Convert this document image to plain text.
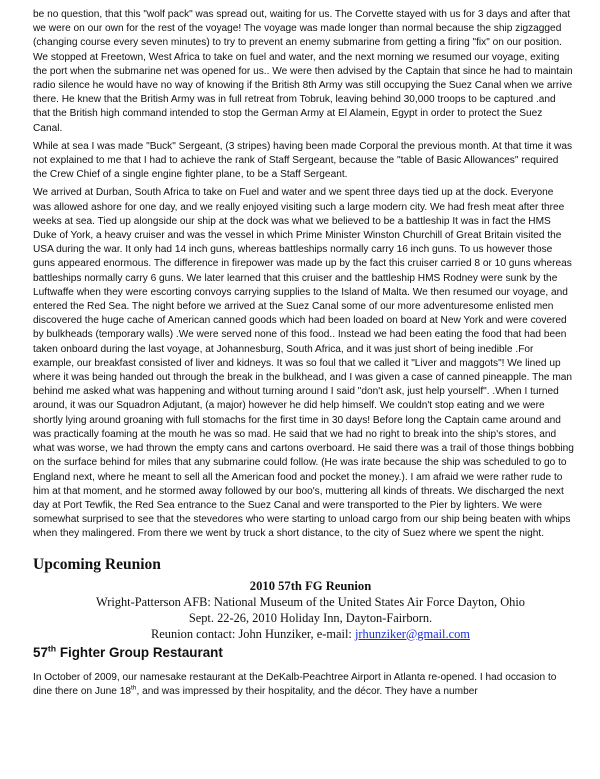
be no question, that this "wolf pack" was spread out, waiting for us. The Corvette stayed with us for 3 days and after that we were on our own for the rest of the voyage! The voyage was made longer than normal because the ship zigzagged (changing course every seven minutes) to try to prevent an enemy submarine from getting a firing "fix" on our position. We stopped at Freetown, West Africa to take on fuel and water, and the next morning we resumed our voyage, exiting the port when the submarine net was opened for us.. We were then advised by the Captain that since he had to maintain radio silence he would have no way of knowing if the British 8th Army was still occupying the Suez Canal when we arrive there. He knew that the British Army was in full retreat from Tobruk, leaving behind 30,000 troops to be captured .and that the British high command intended to stop the German Army at El Alamein, Egypt in order to protect the Suez Canal.

While at sea I was made "Buck" Sergeant, (3 stripes) having been made Corporal the previous month. At that time it was not explained to me that I had to achieve the rank of Staff Sergeant, because the "table of Basic Allowances" required the Crew Chief of a single engine fighter plane, to be a Staff Sergeant.

We arrived at Durban, South Africa to take on Fuel and water and we spent three days tied up at the dock. Everyone was allowed ashore for one day, and we really enjoyed visiting such a large modern city. We had fresh meat after three weeks at sea. Tied up alongside our ship at the dock was what we believed to be a battleship It was in fact the HMS Duke of York, a heavy cruiser and was the vessel in which Prime Minister Winston Churchill of Great Britain visited the USA during the war. It only had 14 inch guns, whereas battleships normally carry 16 inch guns. To us however those guns appeared enormous. The difference in firepower was made up by the fact this cruiser carried 8 or 10 guns whereas battleships normally carry 6 guns. We later learned that this cruiser and the battleship HMS Rodney were sunk by the Luftwaffe when they were escorting convoys carrying supplies to the Island of Malta. We then resumed our voyage, and entered the Red Sea. The night before we arrived at the Suez Canal some of our more adventuresome enlisted men discovered the huge cache of American canned goods which had been loaded on board at New York and were covered by bulkheads (temporary walls) .We were served none of this food.. Instead we had been eating the food that had been taken onboard during the last voyage, at Johannesburg, South Africa, and it was just short of being inedible .For example, our breakfast consisted of liver and kidneys. It was so foul that we called it "Liver and maggots"! We lined up where it was being handed out through the break in the bulkhead, and I was given a case of canned pineapple. The man behind me asked what was happening and without turning around I said "don't ask, just help yourself". .When I turned around, it was our Squadron Adjutant, (a major) however he did help himself. We couldn't stop eating and we were shortly lying around groaning with full stomachs for the first time in 30 days! Before long the Captain came around and was practically foaming at the mouth he was so mad. He said that we had no right to break into the ship's stores, and what was worse, we had thrown the empty cans and cartons overboard. He said there was a trail of those things bobbing on the surface behind for miles that any submarine could follow. (He was irate because the ship was scheduled to go to England next, where he meant to sell all the American food and pocket the money.). I am afraid we were rather rude to him at that moment, and he stormed away followed by our boo's, muttering all kinds of threats. We discharged the next day at Port Tewfik, the Red Sea entrance to the Suez Canal and were transported to the Pier by lighters. We were somewhat surprised to see that the stevedores who were starting to unload cargo from our ship being beaten with whips when they malingered. From there we went by truck a short distance, to the city of Suez where we spent the night.

Upcoming Reunion
2010 57th FG Reunion
Wright-Patterson AFB: National Museum of the United States Air Force Dayton, Ohio
Sept. 22-26, 2010 Holiday Inn, Dayton-Fairborn.
Reunion contact: John Hunziker, e-mail: jrhunziker@gmail.com
57th Fighter Group Restaurant

In October of 2009, our namesake restaurant at the DeKalb-Peachtree Airport in Atlanta re-opened. I had occasion to dine there on June 18th, and was impressed by their hospitality, and the décor. They have a number
